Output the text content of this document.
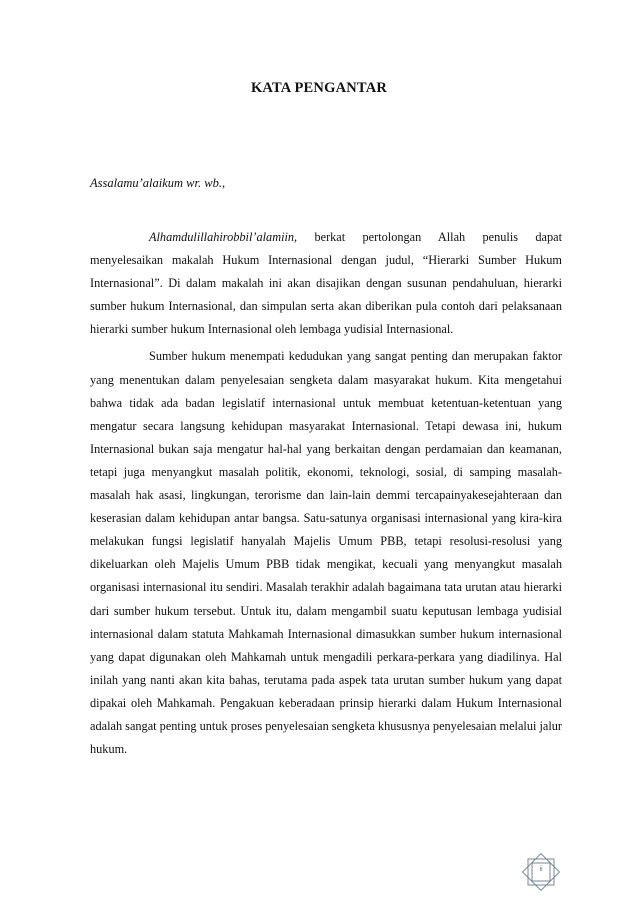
KATA PENGANTAR
Assalamu’alaikum wr. wb.,

Alhamdulillahirobbil’alamiin, berkat pertolongan Allah penulis dapat menyelesaikan makalah Hukum Internasional dengan judul, “Hierarki Sumber Hukum Internasional”. Di dalam makalah ini akan disajikan dengan susunan pendahuluan, hierarki sumber hukum Internasional, dan simpulan serta akan diberikan pula contoh dari pelaksanaan hierarki sumber hukum Internasional oleh lembaga yudisial Internasional.

Sumber hukum menempati kedudukan yang sangat penting dan merupakan faktor yang menentukan dalam penyelesaian sengketa dalam masyarakat hukum. Kita mengetahui bahwa tidak ada badan legislatif internasional untuk membuat ketentuan-ketentuan yang mengatur secara langsung kehidupan masyarakat Internasional. Tetapi dewasa ini, hukum Internasional bukan saja mengatur hal-hal yang berkaitan dengan perdamaian dan keamanan, tetapi juga menyangkut masalah politik, ekonomi, teknologi, sosial, di samping masalah-masalah hak asasi, lingkungan, terorisme dan lain-lain demmi tercapainyakesejahteraan dan keserasian dalam kehidupan antar bangsa. Satu-satunya organisasi internasional yang kira-kira melakukan fungsi legislatif hanyalah Majelis Umum PBB, tetapi resolusi-resolusi yang dikeluarkan oleh Majelis Umum PBB tidak mengikat, kecuali yang menyangkut masalah organisasi internasional itu sendiri. Masalah terakhir adalah bagaimana tata urutan atau hierarki dari sumber hukum tersebut. Untuk itu, dalam mengambil suatu keputusan lembaga yudisial internasional dalam statuta Mahkamah Internasional dimasukkan sumber hukum internasional yang dapat digunakan oleh Mahkamah untuk mengadili perkara-perkara yang diadilinya. Hal inilah yang nanti akan kita bahas, terutama pada aspek tata urutan sumber hukum yang dapat dipakai oleh Mahkamah. Pengakuan keberadaan prinsip hierarki dalam Hukum Internasional adalah sangat penting untuk proses penyelesaian sengketa khususnya penyelesaian melalui jalur hukum.

ii
